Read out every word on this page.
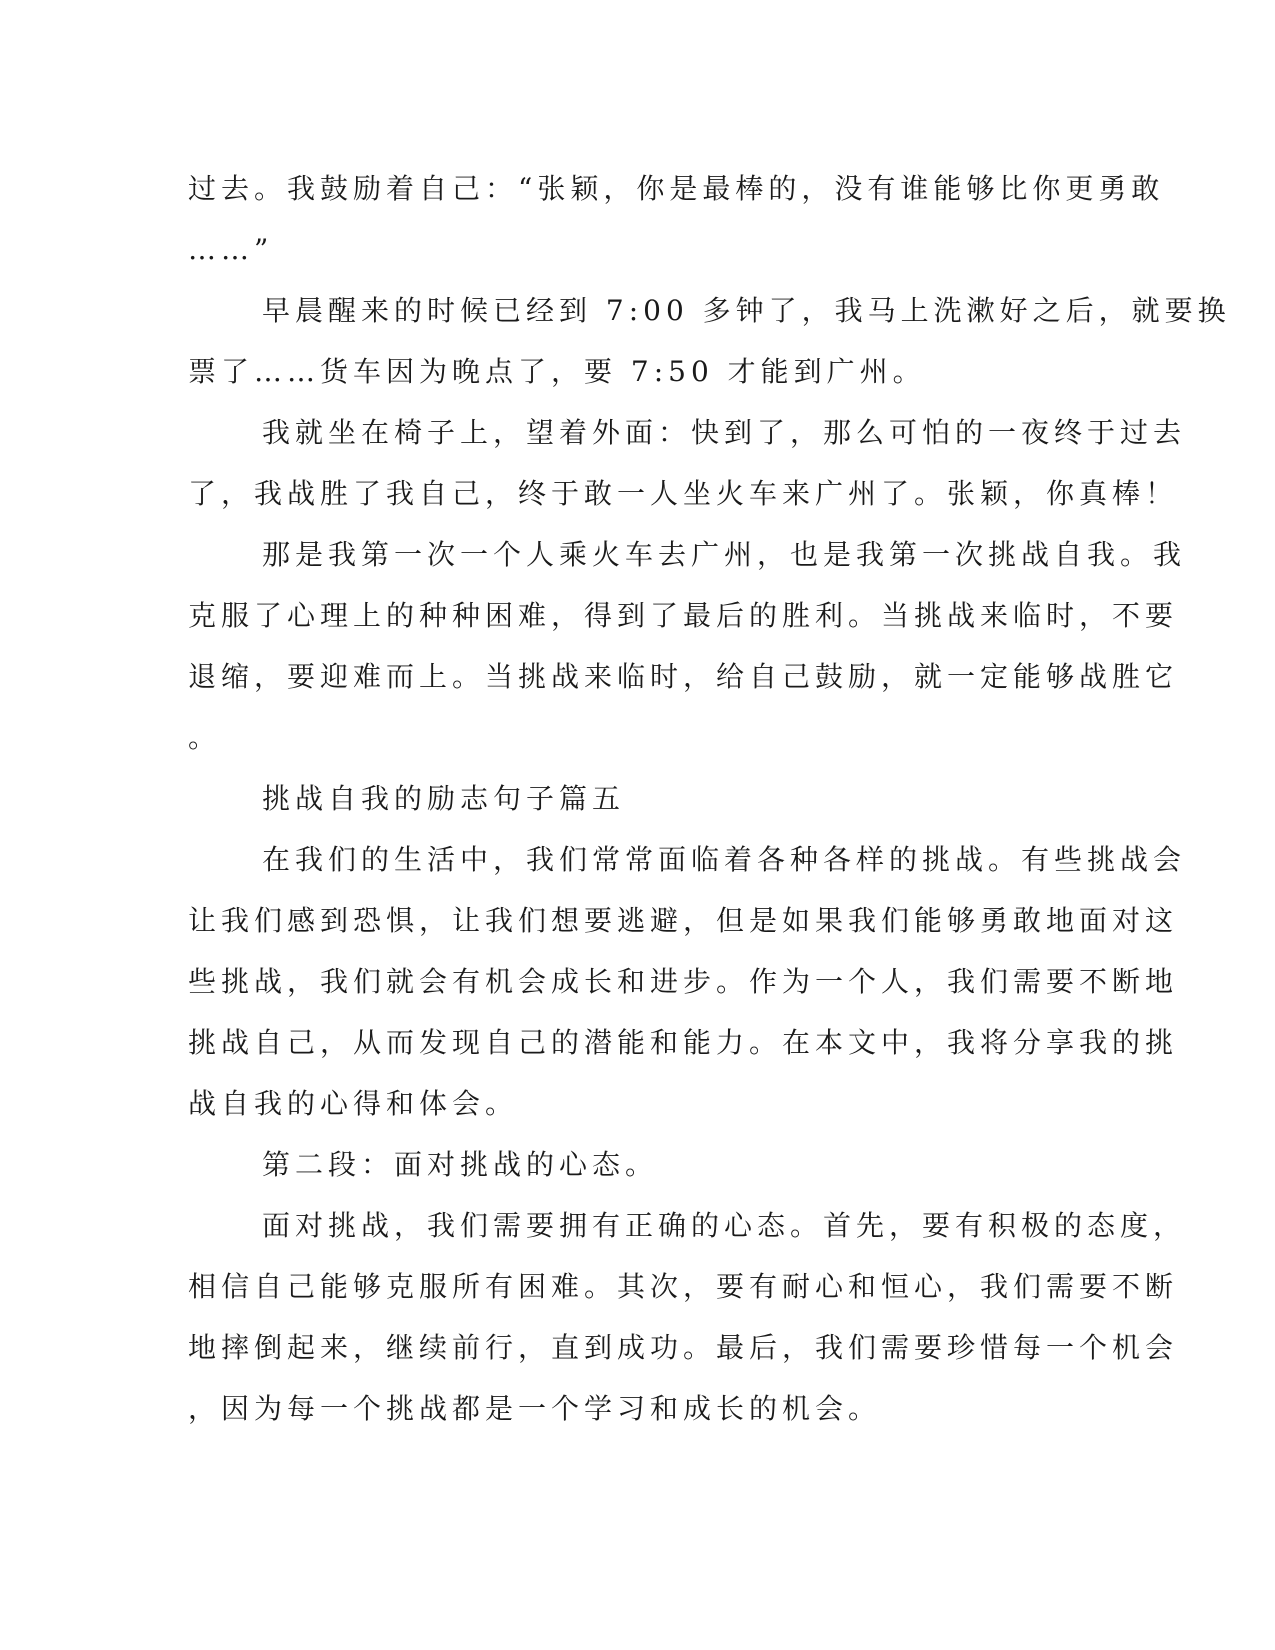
过去。我鼓励着自己：“张颖，你是最棒的，没有谁能够比你更勇敢
……”
早晨醒来的时候已经到 7:00 多钟了，我马上洗漱好之后，就要换
票了……货车因为晚点了，要 7:50 才能到广州。
我就坐在椅子上，望着外面：快到了，那么可怕的一夜终于过去
了，我战胜了我自己，终于敢一人坐火车来广州了。张颖，你真棒！
那是我第一次一个人乘火车去广州，也是我第一次挑战自我。我
克服了心理上的种种困难，得到了最后的胜利。当挑战来临时，不要
退缩，要迎难而上。当挑战来临时，给自己鼓励，就一定能够战胜它
。
挑战自我的励志句子篇五
在我们的生活中，我们常常面临着各种各样的挑战。有些挑战会
让我们感到恐惧，让我们想要逃避，但是如果我们能够勇敢地面对这
些挑战，我们就会有机会成长和进步。作为一个人，我们需要不断地
挑战自己，从而发现自己的潜能和能力。在本文中，我将分享我的挑
战自我的心得和体会。
第二段：面对挑战的心态。
面对挑战，我们需要拥有正确的心态。首先，要有积极的态度，
相信自己能够克服所有困难。其次，要有耐心和恒心，我们需要不断
地摔倒起来，继续前行，直到成功。最后，我们需要珍惜每一个机会
，因为每一个挑战都是一个学习和成长的机会。
